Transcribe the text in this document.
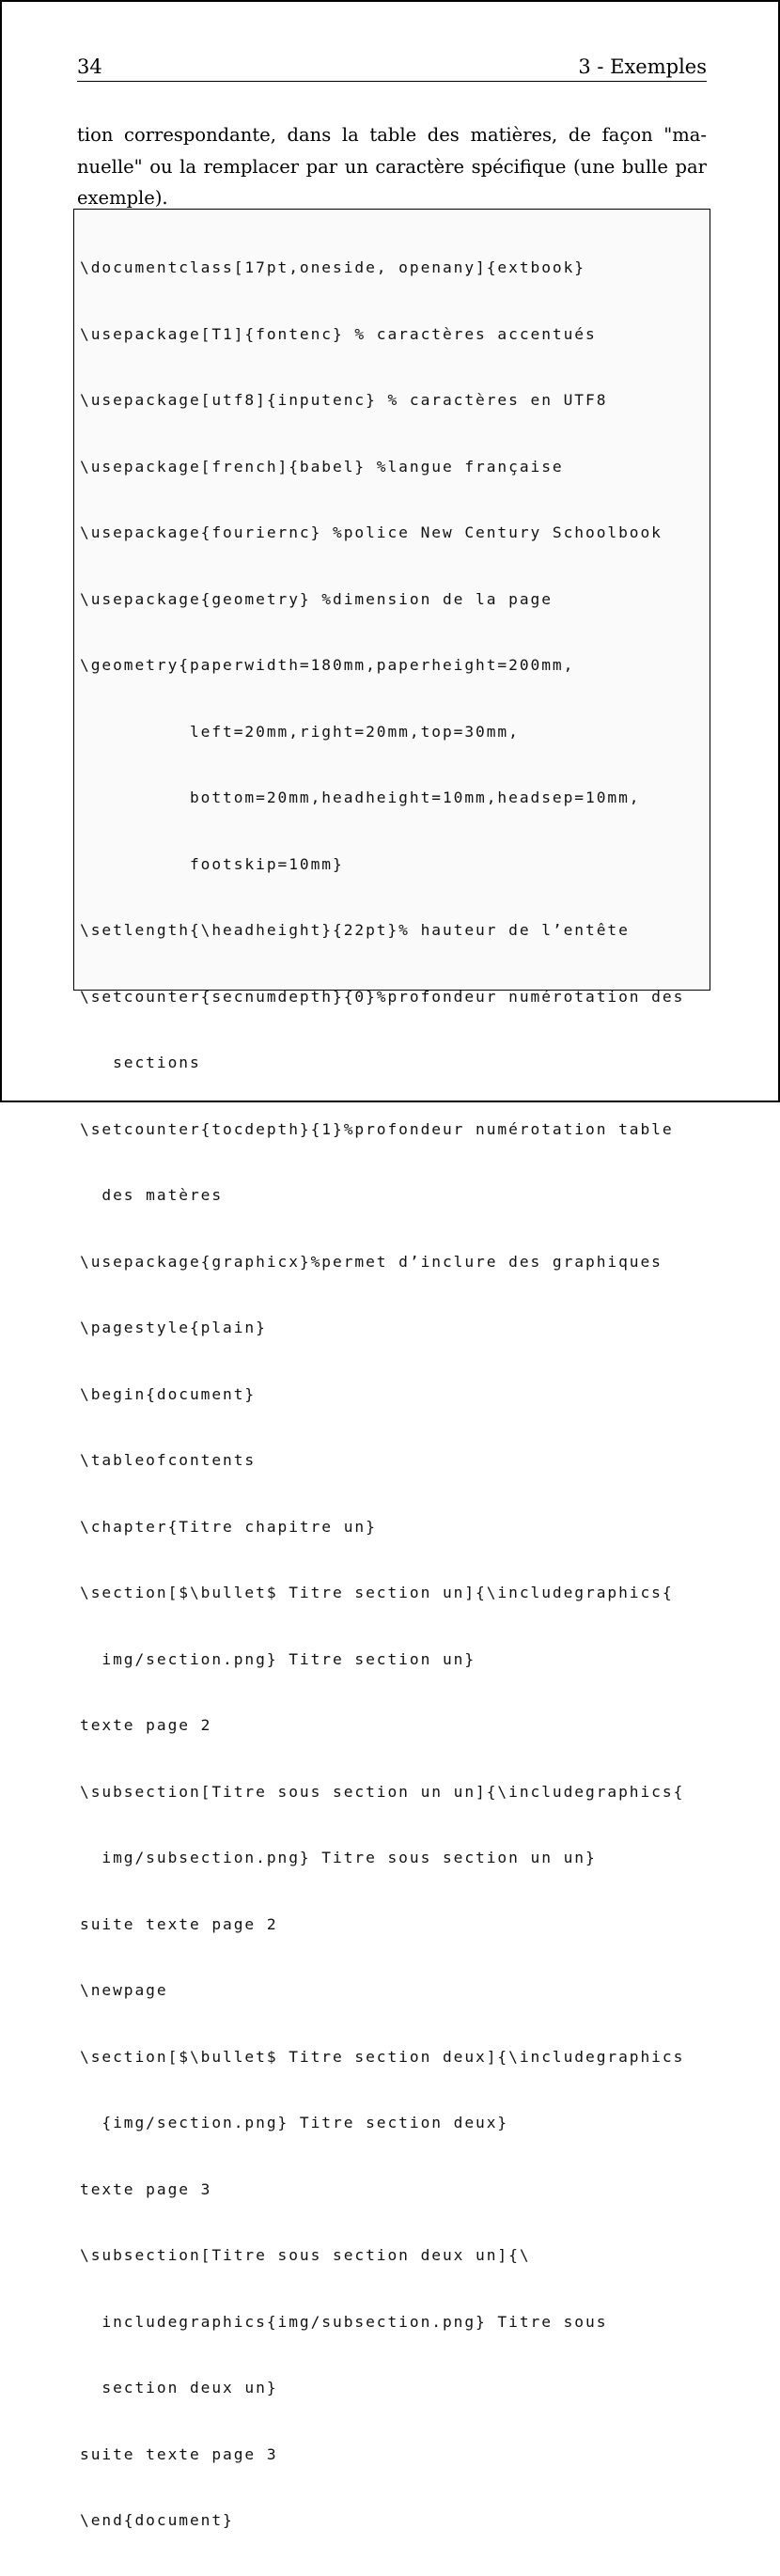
34	3 - Exemples

tion correspondante, dans la table des matières, de façon "ma-
nuelle" ou la remplacer par un caractère spécifique (une bulle par
exemple).

\documentclass[17pt,oneside, openany]{extbook}

\usepackage[T1]{fontenc} % caractères accentués

\usepackage[utf8]{inputenc} % caractères en UTF8

\usepackage[french]{babel} %langue française

\usepackage{fouriernc} %police New Century Schoolbook

\usepackage{geometry} %dimension de la page

\geometry{paperwidth=180mm,paperheight=200mm,

left=20mm,right=20mm,top=30mm,

bottom=20mm,headheight=10mm,headsep=10mm,

footskip=10mm}

\setlength{\headheight}{22pt}% hauteur de l’entête

\setcounter{secnumdepth}{0}%profondeur numérotation des

sections

\setcounter{tocdepth}{1}%profondeur numérotation table

des matères

\usepackage{graphicx}%permet d’inclure des graphiques

\pagestyle{plain}

\begin{document}

\tableofcontents

\chapter{Titre chapitre un}

\section[$\bullet$ Titre section un]{\includegraphics{

img/section.png} Titre section un}

texte page 2

\subsection[Titre sous section un un]{\includegraphics{

img/subsection.png} Titre sous section un un}

suite texte page 2

\newpage

\section[$\bullet$ Titre section deux]{\includegraphics

{img/section.png} Titre section deux}

texte page 3

\subsection[Titre sous section deux un]{\

includegraphics{img/subsection.png} Titre sous

section deux un}

suite texte page 3

\end{document}
